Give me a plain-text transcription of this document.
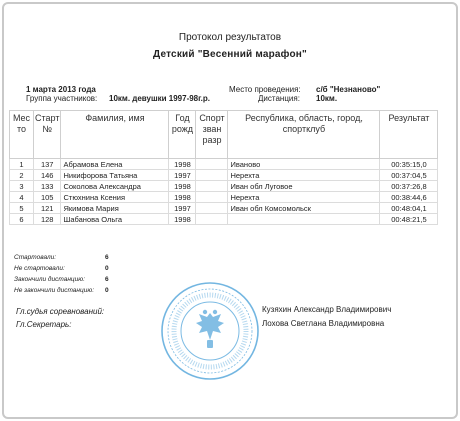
Протокол результатов
Детский "Весенний марафон"
1 марта 2013 года
Группа участников: 10км. девушки 1997-98г.р.
Место проведения: с/б "Незнаново"
Дистанция: 10км.
Мес то	Старт №	Фамилия, имя	Год рожд	Спорт зван разр	Республика, область, город, спортклуб	Результат
1	137	Абрамова Елена	1998		Иваново	00:35:15,0
2	146	Никифорова Татьяна	1997		Нерехта	00:37:04,5
3	133	Соколова Александра	1998		Иван обл Луговое	00:37:26,8
4	105	Стюхнина Ксения	1998		Нерехта	00:38:44,6
5	121	Якимова Мария	1997		Иван обл Комсомольск	00:48:04,1
6	128	Шабанова Ольга	1998			00:48:21,5
Стартовали:	6
Не стартовали:	0
Закончили дистанцию:	6
Не закончили дистанцию: 0
Гл.судья соревнований:
Гл.Секретарь:
Кузяхин Александр Владимирович
Лохова Светлана Владимировна
